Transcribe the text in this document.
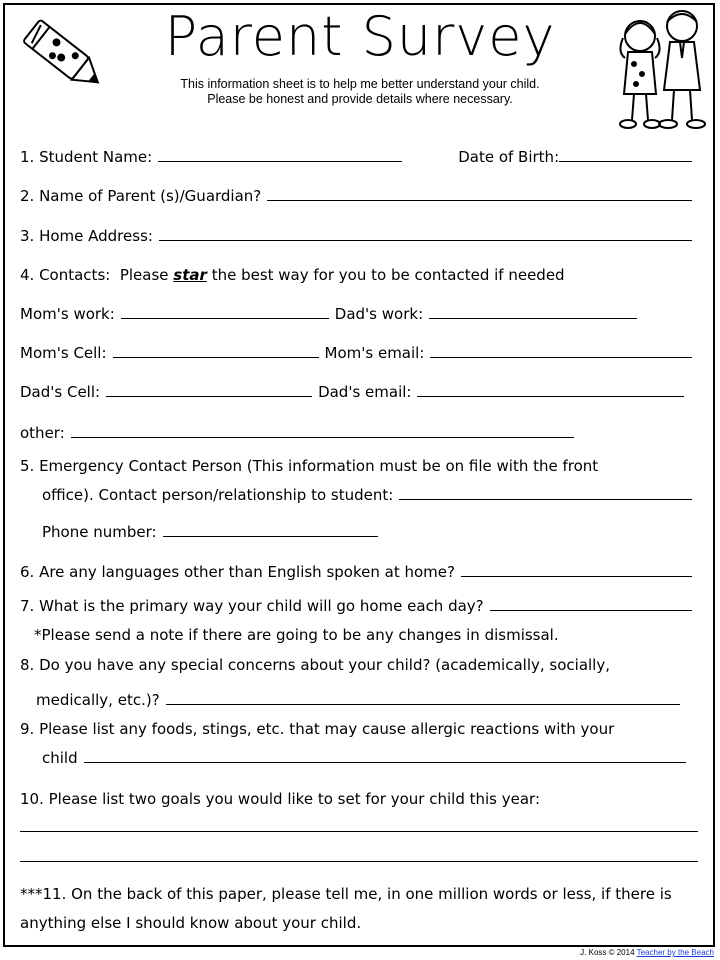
Parent Survey
This information sheet is to help me better understand your child.
Please be honest and provide details where necessary.
1. Student Name:	Date of Birth:
2. Name of Parent (s)/Guardian?
3. Home Address:
4. Contacts:  Please star the best way for you to be contacted if needed
Mom's work:	Dad's work:
Mom's Cell:	Mom's email:
Dad's Cell:	Dad's email:
other:
5. Emergency Contact Person (This information must be on file with the front
office). Contact person/relationship to student:
Phone number:
6. Are any languages other than English spoken at home?
7. What is the primary way your child will go home each day?
*Please send a note if there are going to be any changes in dismissal.
8. Do you have any special concerns about your child? (academically, socially,
medically, etc.)?
9. Please list any foods, stings, etc. that may cause allergic reactions with your
child
10. Please list two goals you would like to set for your child this year:
***11. On the back of this paper, please tell me, in one million words or less, if there is
anything else I should know about your child.
J. Koss © 2014 Teacher by the Beach
